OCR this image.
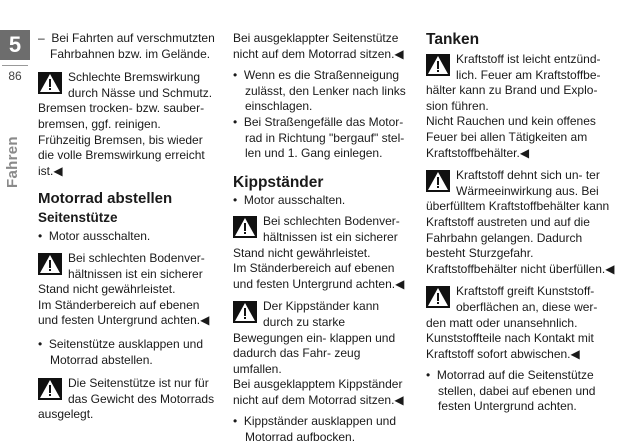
5
86
Fahren

–  Bei Fahrten auf verschmutzten Fahrbahnen bzw. im Gelände.

Schlechte Bremswirkung durch Nässe und Schmutz.

Bremsen trocken- bzw. sauber- bremsen, ggf. reinigen.

Frühzeitig Bremsen, bis wieder die volle Bremswirkung erreicht ist.◀

Motorrad abstellen

Seitenstütze

•  Motor ausschalten.

Bei schlechten Bodenver- hältnissen ist ein sicherer Stand nicht gewährleistet.

Im Ständerbereich auf ebenen und festen Untergrund achten.◀

•  Seitenstütze ausklappen und Motorrad abstellen.

Die Seitenstütze ist nur für das Gewicht des Motorrads ausgelegt.

Bei ausgeklappter Seitenstütze nicht auf dem Motorrad sitzen.◀

•  Wenn es die Straßenneigung zulässt, den Lenker nach links einschlagen.

•  Bei Straßengefälle das Motor- rad in Richtung "bergauf" stel- len und 1. Gang einlegen.

Kippständer

•  Motor ausschalten.

Bei schlechten Bodenver- hältnissen ist ein sicherer Stand nicht gewährleistet.

Im Ständerbereich auf ebenen und festen Untergrund achten.◀

Der Kippständer kann durch zu starke Bewegungen ein- klappen und dadurch das Fahr- zeug umfallen.

Bei ausgeklapptem Kippständer nicht auf dem Motorrad sitzen.◀

•  Kippständer ausklappen und Motorrad aufbocken.

Tanken

Kraftstoff ist leicht entzünd- lich. Feuer am Kraftstoffbe- hälter kann zu Brand und Explo- sion führen.

Nicht Rauchen und kein offenes Feuer bei allen Tätigkeiten am Kraftstoffbehälter.◀

Kraftstoff dehnt sich un- ter Wärmeeinwirkung aus. Bei überfülltem Kraftstoffbehälter kann Kraftstoff austreten und auf die Fahrbahn gelangen. Dadurch besteht Sturzgefahr.

Kraftstoffbehälter nicht überfüllen.◀

Kraftstoff greift Kunststoff- oberflächen an, diese wer- den matt oder unansehnlich.

Kunststoffteile nach Kontakt mit Kraftstoff sofort abwischen.◀

•  Motorrad auf die Seitenstütze stellen, dabei auf ebenen und festen Untergrund achten.
